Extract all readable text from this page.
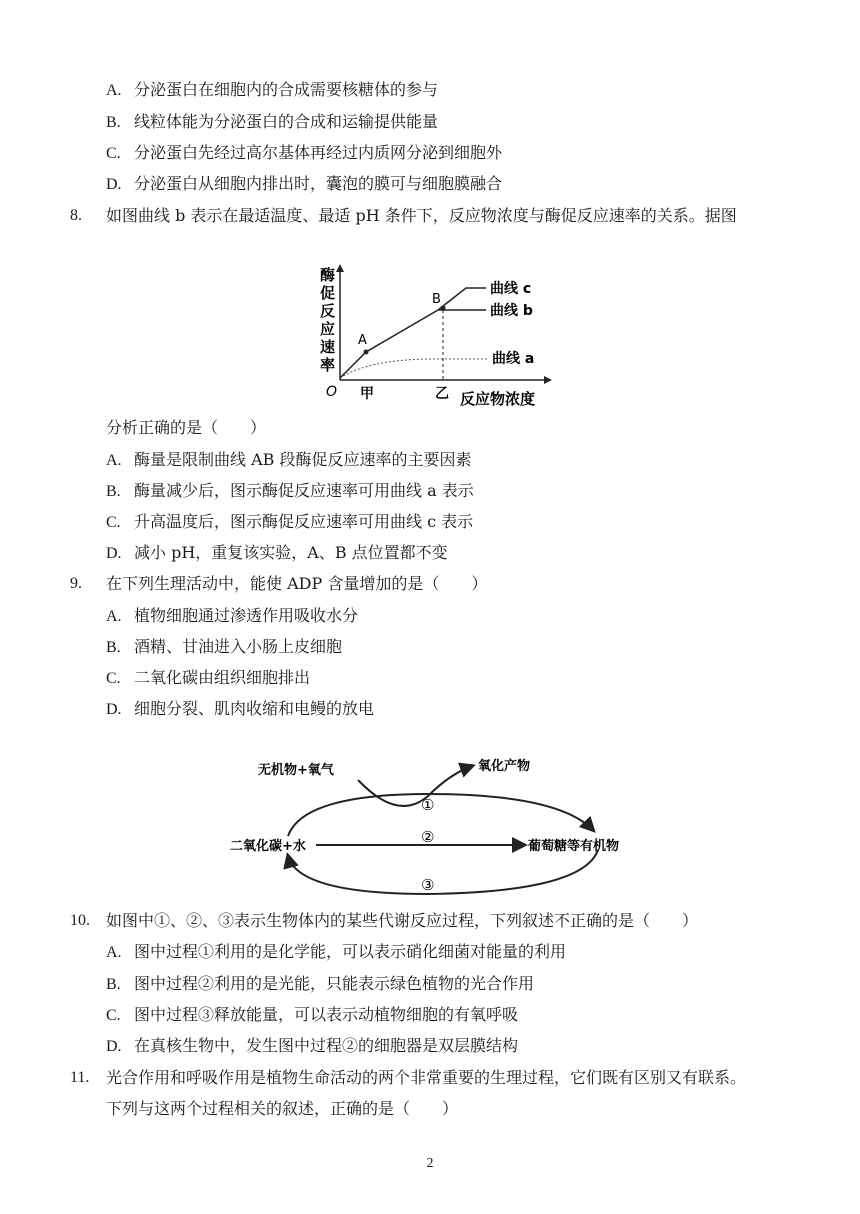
A. 分泌蛋白在细胞内的合成需要核糖体的参与
B. 线粒体能为分泌蛋白的合成和运输提供能量
C. 分泌蛋白先经过高尔基体再经过内质网分泌到细胞外
D. 分泌蛋白从细胞内排出时，囊泡的膜可与细胞膜融合
8. 如图曲线 b 表示在最适温度、最适 pH 条件下，反应物浓度与酶促反应速率的关系。据图
酶
促
反
应
速
率
A
B
曲线 c
曲线 b
曲线 a
O 甲	乙 反应物浓度
分析正确的是（　　）
A. 酶量是限制曲线 AB 段酶促反应速率的主要因素
B. 酶量减少后，图示酶促反应速率可用曲线 a 表示
C. 升高温度后，图示酶促反应速率可用曲线 c 表示
D. 减小 pH，重复该实验，A、B 点位置都不变
9. 在下列生理活动中，能使 ADP 含量增加的是（　　）
A. 植物细胞通过渗透作用吸收水分
B. 酒精、甘油进入小肠上皮细胞
C. 二氧化碳由组织细胞排出
D. 细胞分裂、肌肉收缩和电鳗的放电
无机物+氧气	氧化产物
二氧化碳+水	葡萄糖等有机物
①
②
③
10. 如图中①、②、③表示生物体内的某些代谢反应过程，下列叙述不正确的是（　　）
A. 图中过程①利用的是化学能，可以表示硝化细菌对能量的利用
B. 图中过程②利用的是光能，只能表示绿色植物的光合作用
C. 图中过程③释放能量，可以表示动植物细胞的有氧呼吸
D. 在真核生物中，发生图中过程②的细胞器是双层膜结构
11. 光合作用和呼吸作用是植物生命活动的两个非常重要的生理过程，它们既有区别又有联系。
下列与这两个过程相关的叙述，正确的是（　　）
2
